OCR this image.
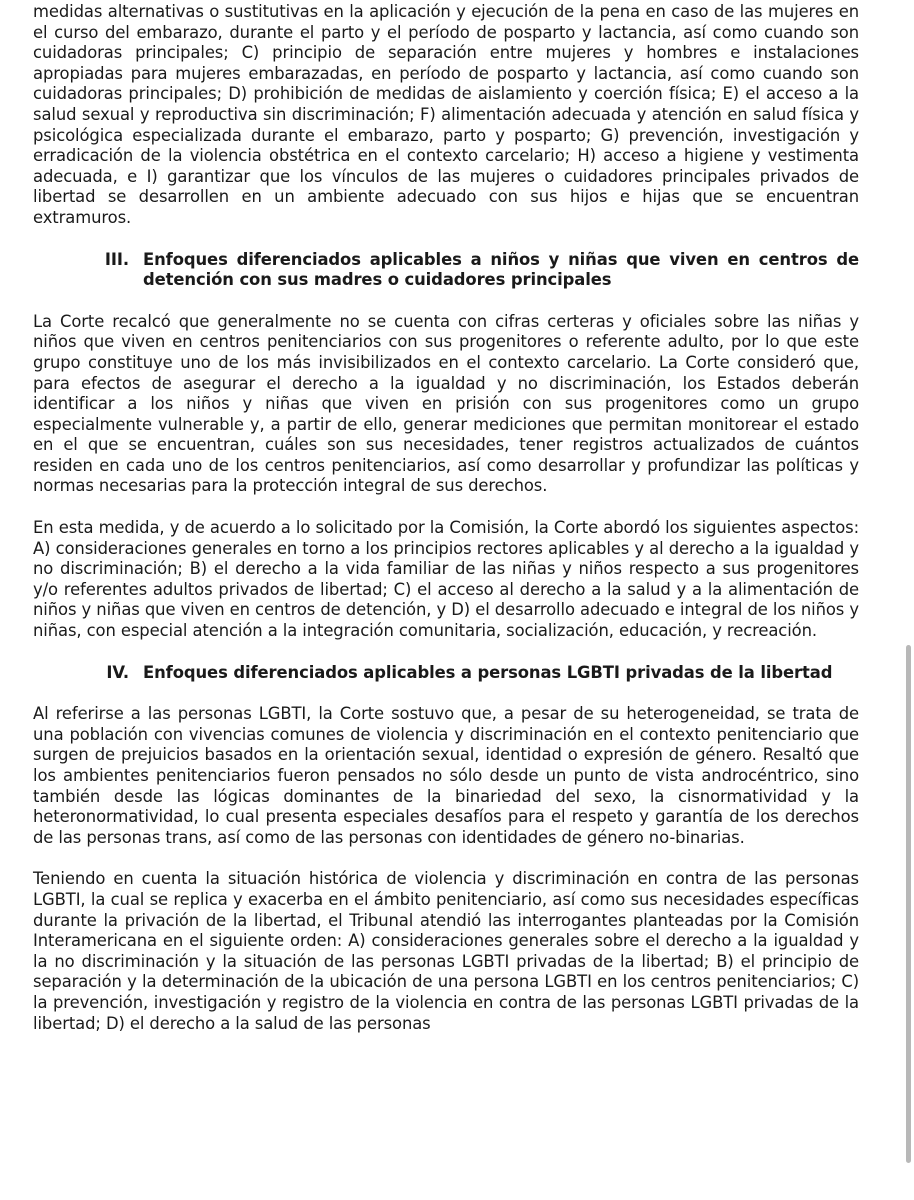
medidas alternativas o sustitutivas en la aplicación y ejecución de la pena en caso de las mujeres en el curso del embarazo, durante el parto y el período de posparto y lactancia, así como cuando son cuidadoras principales; C) principio de separación entre mujeres y hombres e instalaciones apropiadas para mujeres embarazadas, en período de posparto y lactancia, así como cuando son cuidadoras principales; D) prohibición de medidas de aislamiento y coerción física; E) el acceso a la salud sexual y reproductiva sin discriminación; F) alimentación adecuada y atención en salud física y psicológica especializada durante el embarazo, parto y posparto; G) prevención, investigación y erradicación de la violencia obstétrica en el contexto carcelario; H) acceso a higiene y vestimenta adecuada, e I) garantizar que los vínculos de las mujeres o cuidadores principales privados de libertad se desarrollen en un ambiente adecuado con sus hijos e hijas que se encuentran extramuros.

III. Enfoques diferenciados aplicables a niños y niñas que viven en centros de detención con sus madres o cuidadores principales

La Corte recalcó que generalmente no se cuenta con cifras certeras y oficiales sobre las niñas y niños que viven en centros penitenciarios con sus progenitores o referente adulto, por lo que este grupo constituye uno de los más invisibilizados en el contexto carcelario. La Corte consideró que, para efectos de asegurar el derecho a la igualdad y no discriminación, los Estados deberán identificar a los niños y niñas que viven en prisión con sus progenitores como un grupo especialmente vulnerable y, a partir de ello, generar mediciones que permitan monitorear el estado en el que se encuentran, cuáles son sus necesidades, tener registros actualizados de cuántos residen en cada uno de los centros penitenciarios, así como desarrollar y profundizar las políticas y normas necesarias para la protección integral de sus derechos.

En esta medida, y de acuerdo a lo solicitado por la Comisión, la Corte abordó los siguientes aspectos: A) consideraciones generales en torno a los principios rectores aplicables y al derecho a la igualdad y no discriminación; B) el derecho a la vida familiar de las niñas y niños respecto a sus progenitores y/o referentes adultos privados de libertad; C) el acceso al derecho a la salud y a la alimentación de niños y niñas que viven en centros de detención, y D) el desarrollo adecuado e integral de los niños y niñas, con especial atención a la integración comunitaria, socialización, educación, y recreación.

IV. Enfoques diferenciados aplicables a personas LGBTI privadas de la libertad

Al referirse a las personas LGBTI, la Corte sostuvo que, a pesar de su heterogeneidad, se trata de una población con vivencias comunes de violencia y discriminación en el contexto penitenciario que surgen de prejuicios basados en la orientación sexual, identidad o expresión de género. Resaltó que los ambientes penitenciarios fueron pensados no sólo desde un punto de vista androcéntrico, sino también desde las lógicas dominantes de la binariedad del sexo, la cisnormatividad y la heteronormatividad, lo cual presenta especiales desafíos para el respeto y garantía de los derechos de las personas trans, así como de las personas con identidades de género no-binarias.

Teniendo en cuenta la situación histórica de violencia y discriminación en contra de las personas LGBTI, la cual se replica y exacerba en el ámbito penitenciario, así como sus necesidades específicas durante la privación de la libertad, el Tribunal atendió las interrogantes planteadas por la Comisión Interamericana en el siguiente orden: A) consideraciones generales sobre el derecho a la igualdad y la no discriminación y la situación de las personas LGBTI privadas de la libertad; B) el principio de separación y la determinación de la ubicación de una persona LGBTI en los centros penitenciarios; C) la prevención, investigación y registro de la violencia en contra de las personas LGBTI privadas de la libertad; D) el derecho a la salud de las personas
